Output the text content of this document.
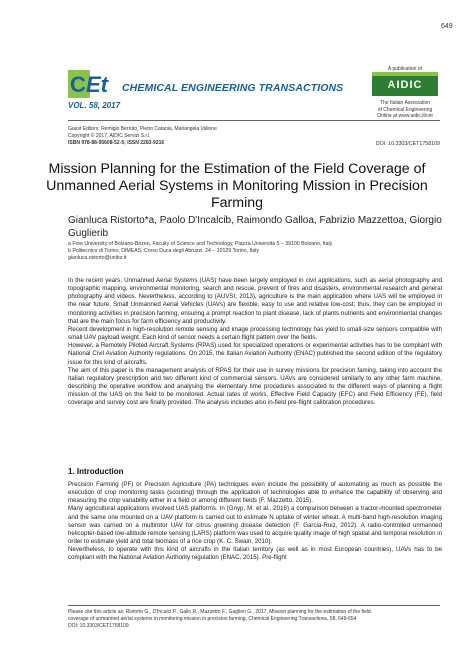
649
C Et CHEMICAL ENGINEERING TRANSACTIONS
VOL. 58, 2017
A publication of
AIDIC
The Italian Association
of Chemical Engineering
Online at www.aidic.it/cet
Guest Editors: Remigio Berruto, Pietro Catania, Mariangela Vallone
Copyright © 2017, AIDIC Servizi S.r.l.
ISBN 978-88-95608-52-5; ISSN 2283-9216	DOI: 10.3303/CET1758109
Mission Planning for the Estimation of the Field Coverage of Unmanned Aerial Systems in Monitoring Mission in Precision Farming
Gianluca Ristorto*a, Paolo D'Incalcib, Raimondo Galloa, Fabrizio Mazzettoa, Giorgio Guglierib
a Free University of Bolzano-Bozen, Faculty of Science and Technology, Piazza Università 5 – 39100 Bolzano, Italy
b Politecnico di Torino, DIMEAS, Corso Duca degli Abruzzi, 24 – 10129 Torino, Italy
gianluca.ristorto@unibz.it

In the recent years, Unmanned Aerial Systems (UAS) have been largely employed in civil applications, such as aerial photography and topographic mapping, environmental monitoring, search and rescue, prevent of fires and disasters, environmental research and general photography and videos. Nevertheless, according to (AUVSI, 2013), agriculture is the main application where UAS will be employed in the near future. Small Unmanned Aerial Vehicles (UAVs) are flexible, easy to use and relative low-cost; thus, they can be employed in monitoring activities in precision farming, ensuring a prompt reaction to plant disease, lack of plants nutrients and environmental changes that are the main focus for farm efficiency and productivity.

Recent development in high-resolution remote sensing and image processing technology has yield to small-size sensors compatible with small UAV payload weight. Each kind of sensor needs a certain flight pattern over the fields.

However, a Remotely Piloted Aircraft Systems (RPAS) used for specialized operations or experimental activities has to be compliant with National Civil Aviation Authority regulations. On 2015, the Italian Aviation Authority (ENAC) published the second edition of the regulatory issue for this kind of aircrafts.

The aim of this paper is the management analysis of RPAS for their use in survey missions for precision faming, taking into account the Italian regulatory prescription and two different kind of commercial sensors. UAVs are considered similarly to any other farm machine, describing the operative workflow and analysing the elementary time procedures associated to the different ways of planning a flight mission of the UAS on the field to be monitored. Actual rates of works, Effective Field Capacity (EFC) and Field Efficiency (FE), field coverage and survey cost are finally provided. The analysis includes also in-field pre-flight calibration procedures.

1. Introduction

Precision Farming (PF) or Precision Agriculture (PA) techniques even include the possibility of automating as much as possible the execution of crop monitoring tasks (scouting) through the application of technologies able to enhance the capability of observing and measuring the crop variability either in a field or among different fields (F. Mazzetto, 2015).

Many agricultural applications involved UAS platforms. In (Gnyp, M. et al., 2016) a comparison between a tractor-mounted spectrometer and the same one mounted on a UAV platform is carried out to estimate N uptake of winter wheat. A multi-band high-resolution imaging sensor was carried on a multirotor UAV for citrus greening disease detection (F. Garcia-Ruiz, 2012). A radio-controlled unmanned helicopter-based low-altitude remote sensing (LARS) platform was used to acquire quality image of high spatial and temporal resolution in order to estimate yield and total biomass of a rice crop (K. C. Swain, 2010).

Nevertheless, to operate with this kind of aircrafts in the Italian territory (as well as in most European countries), UAVs has to be compliant with the National Aviation Authority regulation (ENAC, 2015). Pre-flight

Please cite this article as: Ristorto G., D'Incalci P., Gallo R., Mazzetto F., Guglieri G., 2017, Mission planning for the estimation of the field
coverage of unmanned aerial systems in monitoring mission in precision farming, Chemical Engineering Transactions, 58, 649-654
DOI: 10.3303/CET1758109
